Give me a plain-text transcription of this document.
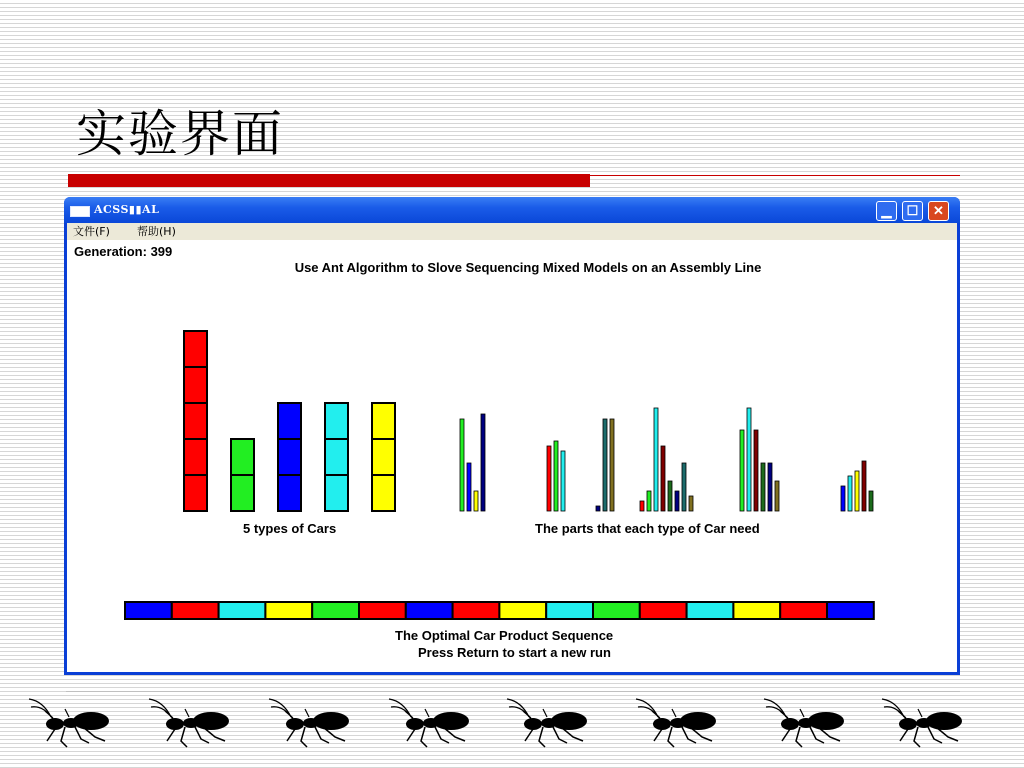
实验界面
ACSS▮▮AL	▁	☐	✕
文件(F) 帮助(H)
Generation: 399
Use Ant Algorithm to Slove Sequencing Mixed Models on an Assembly Line
5 types of Cars	The parts that each type of Car need
The Optimal Car Product Sequence
Press Return to start a new run
